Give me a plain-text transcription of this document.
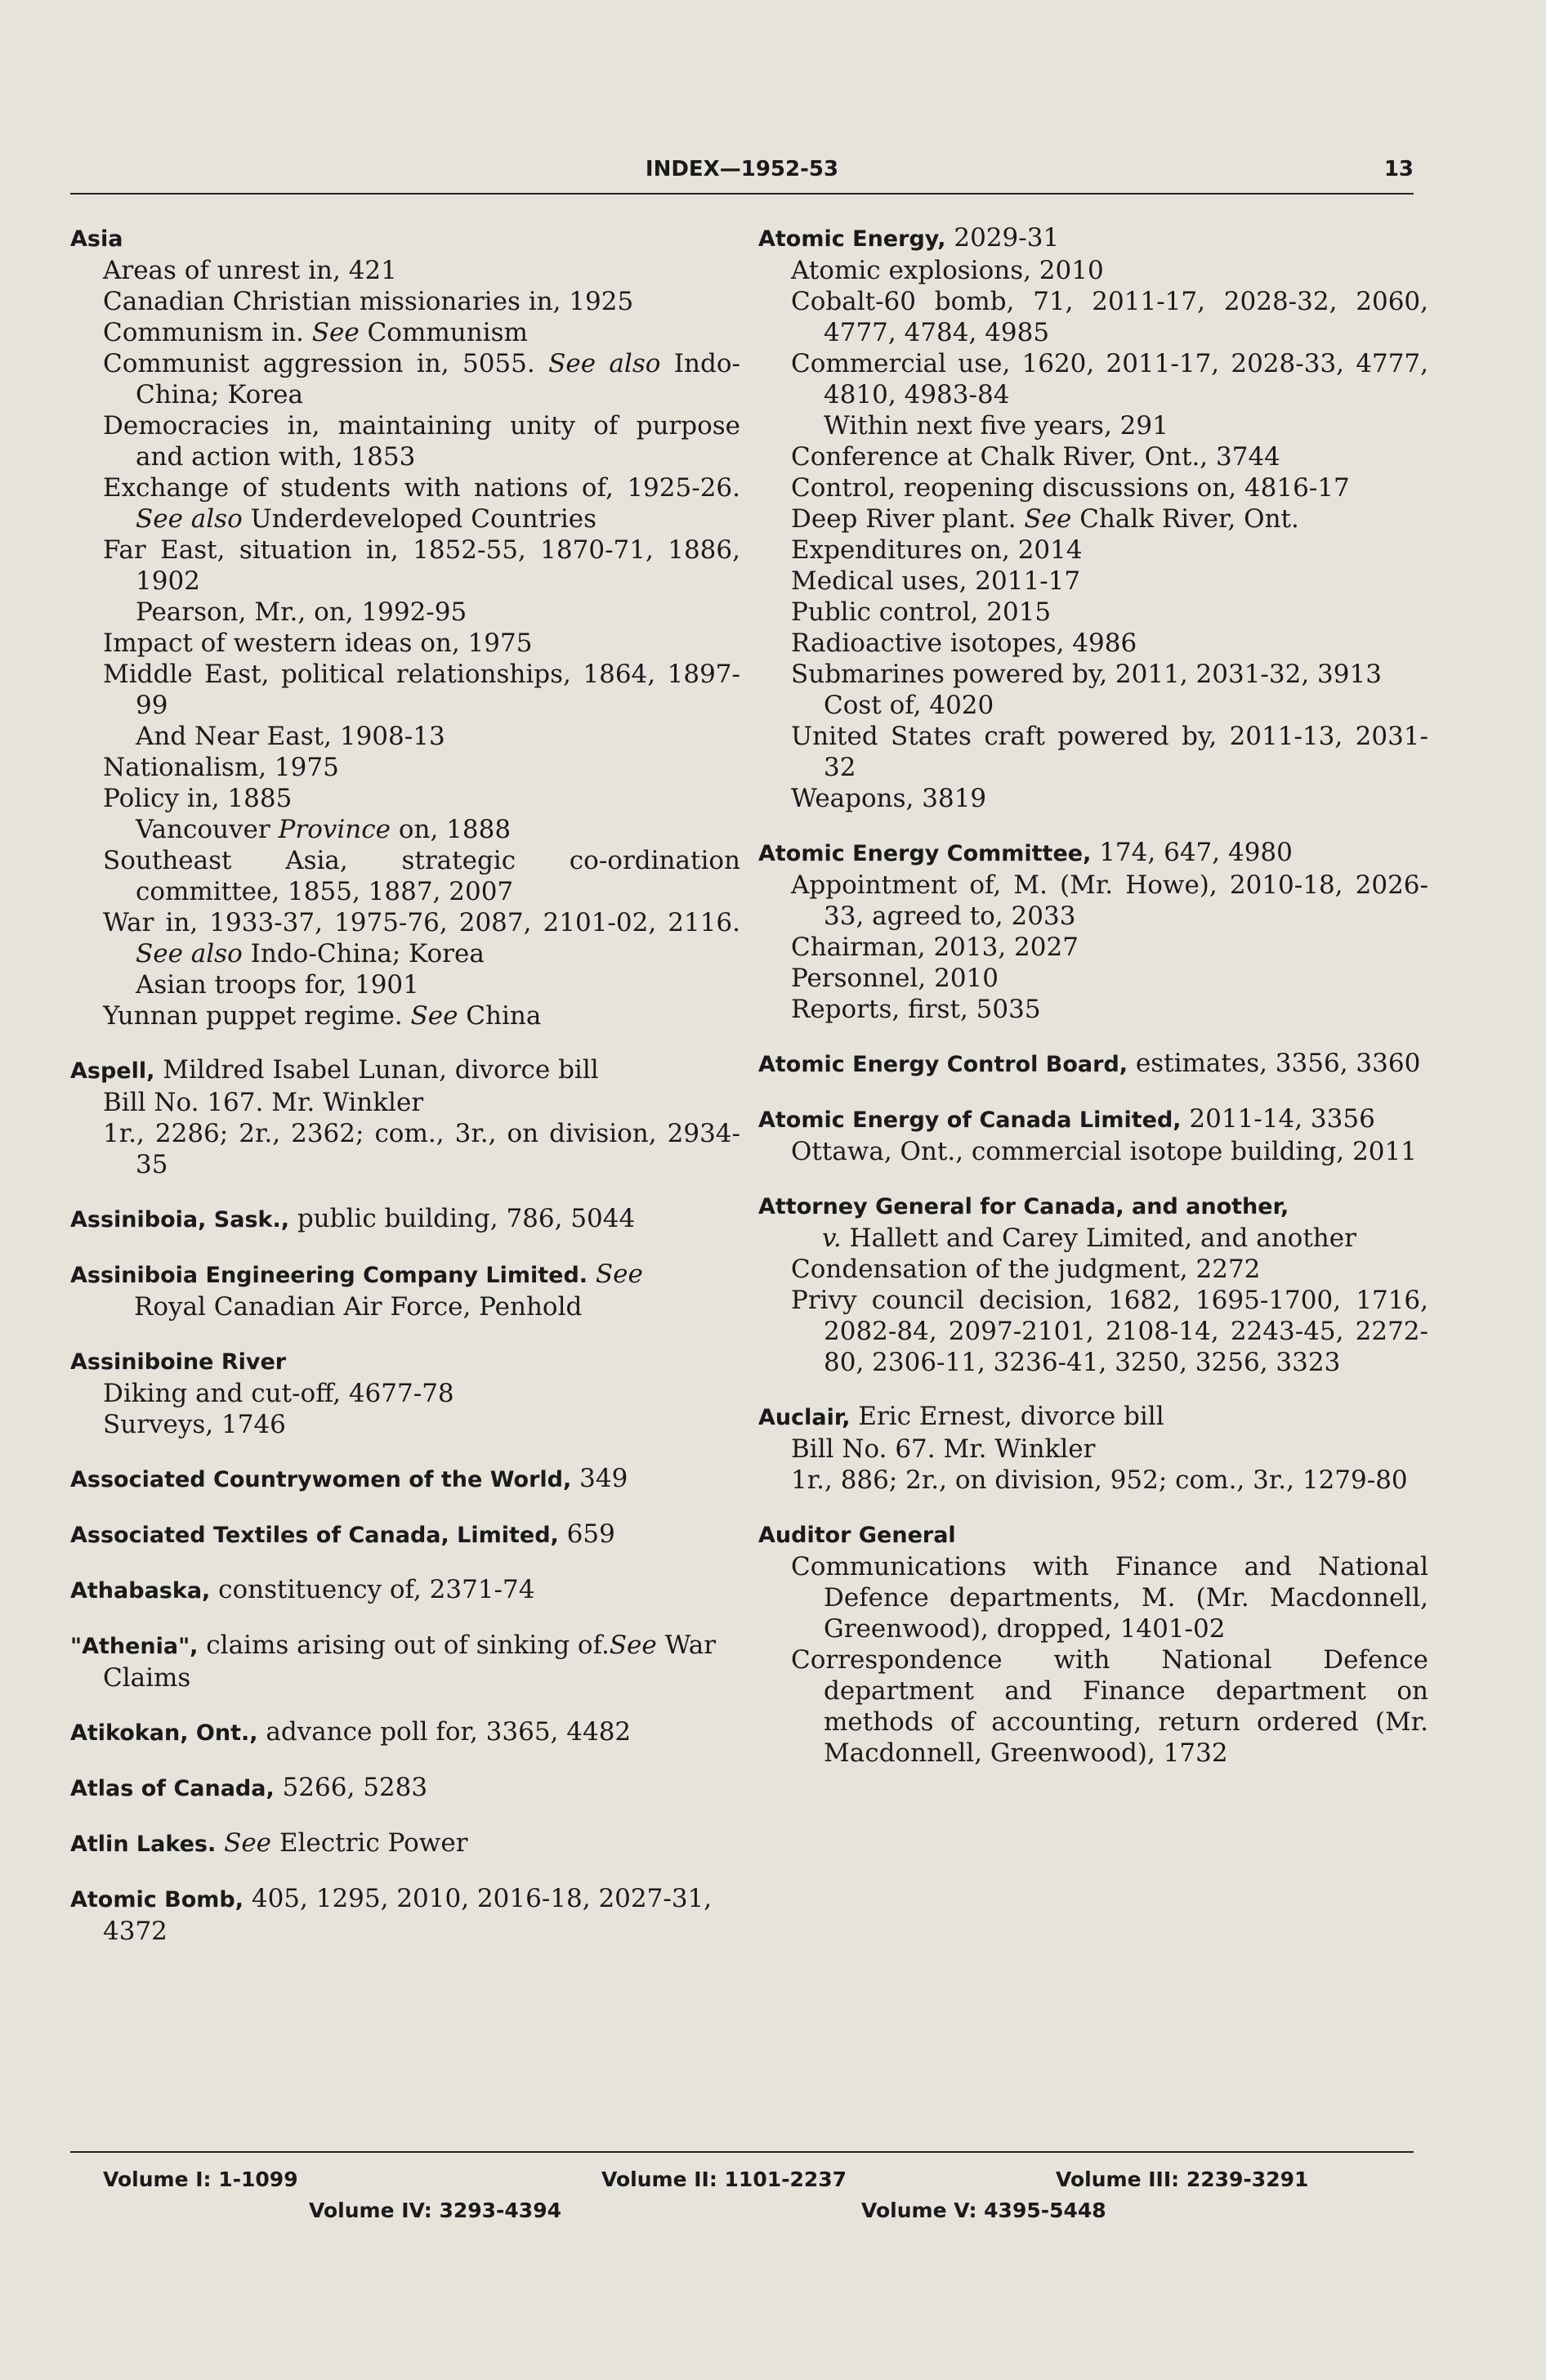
INDEX—1952-53	13
Asia
Areas of unrest in, 421
Canadian Christian missionaries in, 1925
Communism in. See Communism
Communist aggression in, 5055. See also Indo-China; Korea
Democracies in, maintaining unity of purpose and action with, 1853
Exchange of students with nations of, 1925-26. See also Underdeveloped Countries
Far East, situation in, 1852-55, 1870-71, 1886, 1902
Pearson, Mr., on, 1992-95
Impact of western ideas on, 1975
Middle East, political relationships, 1864, 1897-99
And Near East, 1908-13
Nationalism, 1975
Policy in, 1885
Vancouver Province on, 1888
Southeast Asia, strategic co-ordination committee, 1855, 1887, 2007
War in, 1933-37, 1975-76, 2087, 2101-02, 2116. See also Indo-China; Korea
Asian troops for, 1901
Yunnan puppet regime. See China
Aspell, Mildred Isabel Lunan, divorce bill
Bill No. 167. Mr. Winkler
1r., 2286; 2r., 2362; com., 3r., on division, 2934-35
Assiniboia, Sask., public building, 786, 5044
Assiniboia Engineering Company Limited. See
Royal Canadian Air Force, Penhold
Assiniboine River
Diking and cut-off, 4677-78
Surveys, 1746
Associated Countrywomen of the World, 349
Associated Textiles of Canada, Limited, 659
Athabaska, constituency of, 2371-74
"Athenia", claims arising out of sinking of.See War Claims
Atikokan, Ont., advance poll for, 3365, 4482
Atlas of Canada, 5266, 5283
Atlin Lakes. See Electric Power
Atomic Bomb, 405, 1295, 2010, 2016-18, 2027-31, 4372
Atomic Energy, 2029-31
Atomic explosions, 2010
Cobalt-60 bomb, 71, 2011-17, 2028-32, 2060, 4777, 4784, 4985
Commercial use, 1620, 2011-17, 2028-33, 4777, 4810, 4983-84
Within next five years, 291
Conference at Chalk River, Ont., 3744
Control, reopening discussions on, 4816-17
Deep River plant. See Chalk River, Ont.
Expenditures on, 2014
Medical uses, 2011-17
Public control, 2015
Radioactive isotopes, 4986
Submarines powered by, 2011, 2031-32, 3913
Cost of, 4020
United States craft powered by, 2011-13, 2031-32
Weapons, 3819
Atomic Energy Committee, 174, 647, 4980
Appointment of, M. (Mr. Howe), 2010-18, 2026-33, agreed to, 2033
Chairman, 2013, 2027
Personnel, 2010
Reports, first, 5035
Atomic Energy Control Board, estimates, 3356, 3360
Atomic Energy of Canada Limited, 2011-14, 3356
Ottawa, Ont., commercial isotope building, 2011
Attorney General for Canada, and another,
v. Hallett and Carey Limited, and another
Condensation of the judgment, 2272
Privy council decision, 1682, 1695-1700, 1716, 2082-84, 2097-2101, 2108-14, 2243-45, 2272-80, 2306-11, 3236-41, 3250, 3256, 3323
Auclair, Eric Ernest, divorce bill
Bill No. 67. Mr. Winkler
1r., 886; 2r., on division, 952; com., 3r., 1279-80
Auditor General
Communications with Finance and National Defence departments, M. (Mr. Macdonnell, Greenwood), dropped, 1401-02
Correspondence with National Defence department and Finance department on methods of accounting, return ordered (Mr. Macdonnell, Greenwood), 1732
Volume I: 1-1099	Volume II: 1101-2237	Volume III: 2239-3291
Volume IV: 3293-4394	Volume V: 4395-5448
